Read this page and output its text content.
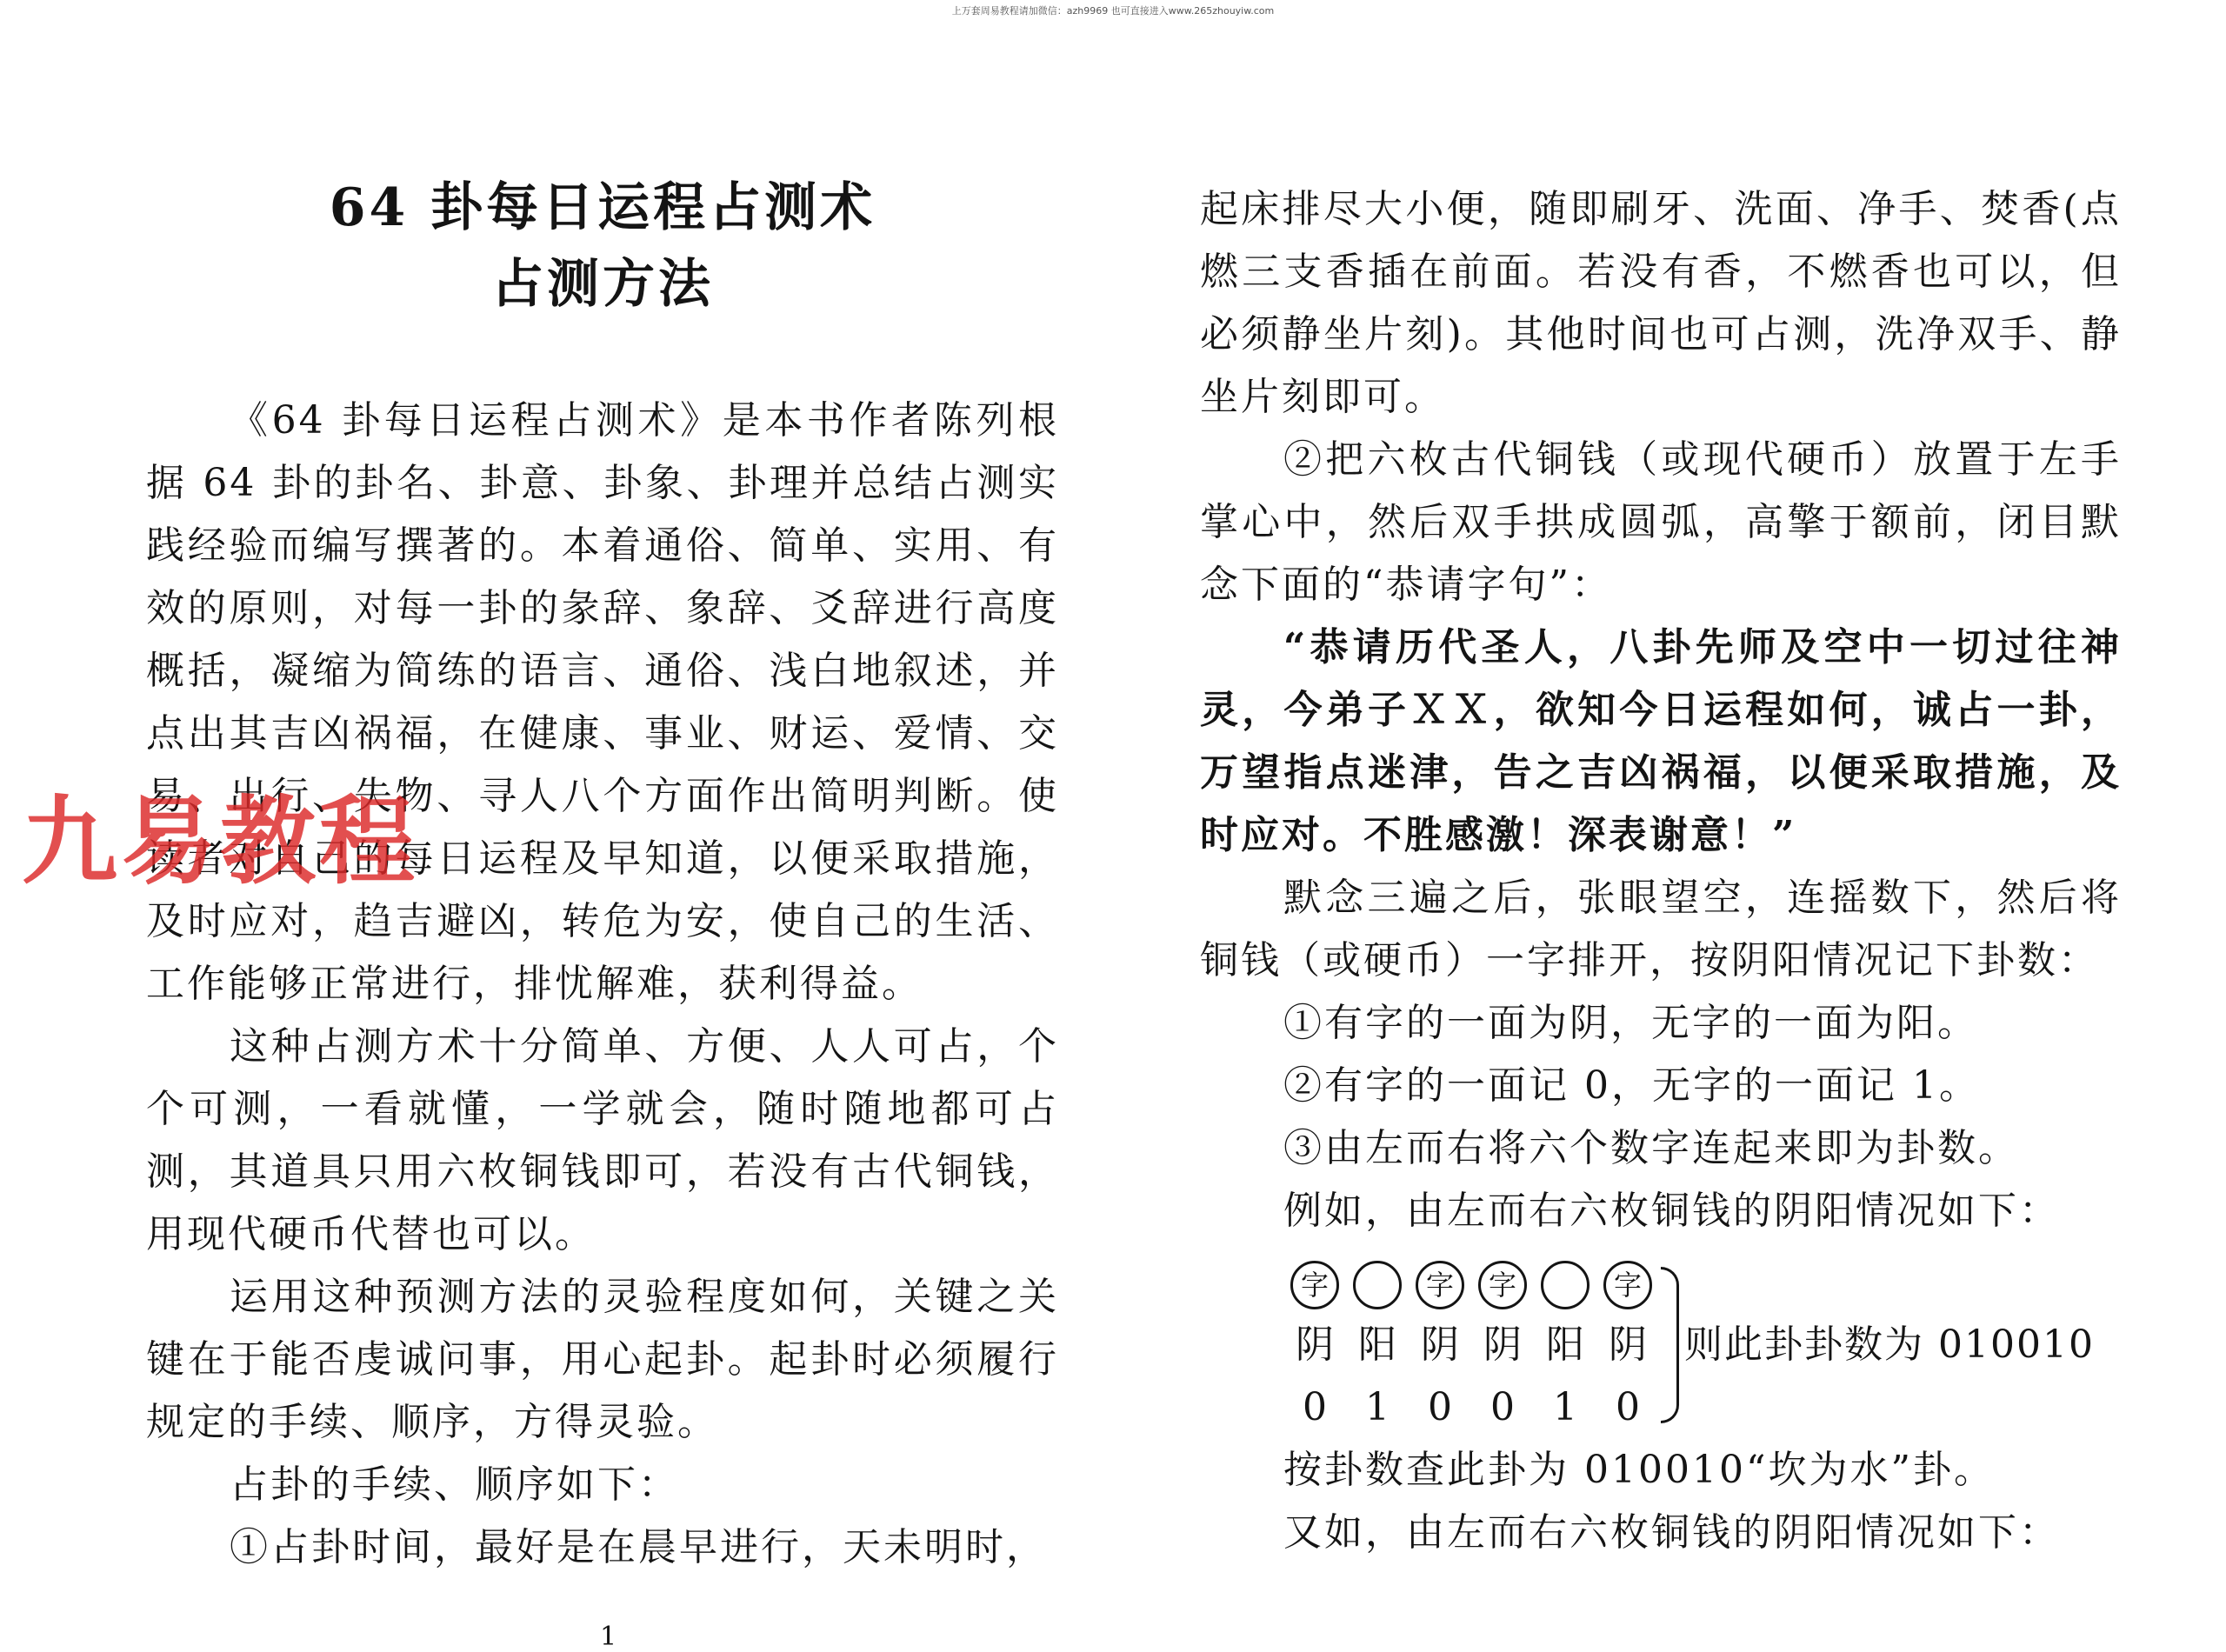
上万套周易教程请加微信：azh9969 也可直接进入www.265zhouyiw.com
64 卦每日运程占测术
占测方法

《64 卦每日运程占测术》是本书作者陈列根据 64 卦的卦名、卦意、卦象、卦理并总结占测实践经验而编写撰著的。本着通俗、简单、实用、有效的原则，对每一卦的彖辞、象辞、爻辞进行高度概括，凝缩为简练的语言、通俗、浅白地叙述，并点出其吉凶祸福，在健康、事业、财运、爱情、交易、出行、失物、寻人八个方面作出简明判断。使读者对自己的每日运程及早知道，以便采取措施，及时应对，趋吉避凶，转危为安，使自己的生活、工作能够正常进行，排忧解难，获利得益。

这种占测方术十分简单、方便、人人可占，个个可测，一看就懂，一学就会，随时随地都可占测，其道具只用六枚铜钱即可，若没有古代铜钱，用现代硬币代替也可以。

运用这种预测方法的灵验程度如何，关键之关键在于能否虔诚问事，用心起卦。起卦时必须履行规定的手续、顺序，方得灵验。

占卦的手续、顺序如下：

①占卦时间，最好是在晨早进行，天未明时，

起床排尽大小便，随即刷牙、洗面、净手、焚香(点燃三支香插在前面。若没有香，不燃香也可以，但必须静坐片刻)。其他时间也可占测，洗净双手、静坐片刻即可。

②把六枚古代铜钱（或现代硬币）放置于左手掌心中，然后双手拱成圆弧，高擎于额前，闭目默念下面的“恭请字句”：

“恭请历代圣人，八卦先师及空中一切过往神灵，今弟子ＸＸ，欲知今日运程如何，诚占一卦，万望指点迷津，告之吉凶祸福，以便采取措施，及时应对。不胜感激！深表谢意！”

默念三遍之后，张眼望空，连摇数下，然后将铜钱（或硬币）一字排开，按阴阳情况记下卦数：

①有字的一面为阴，无字的一面为阳。

②有字的一面记 0，无字的一面记 1。

③由左而右将六个数字连起来即为卦数。

例如，由左而右六枚铜钱的阴阳情况如下：

字
阴
0
阳
1
字
阴
0
字
阴
0
阳
1
字
阴
0
则此卦卦数为 010010

按卦数查此卦为 010010“坎为水”卦。

又如，由左而右六枚铜钱的阴阳情况如下：

九易教程
1
